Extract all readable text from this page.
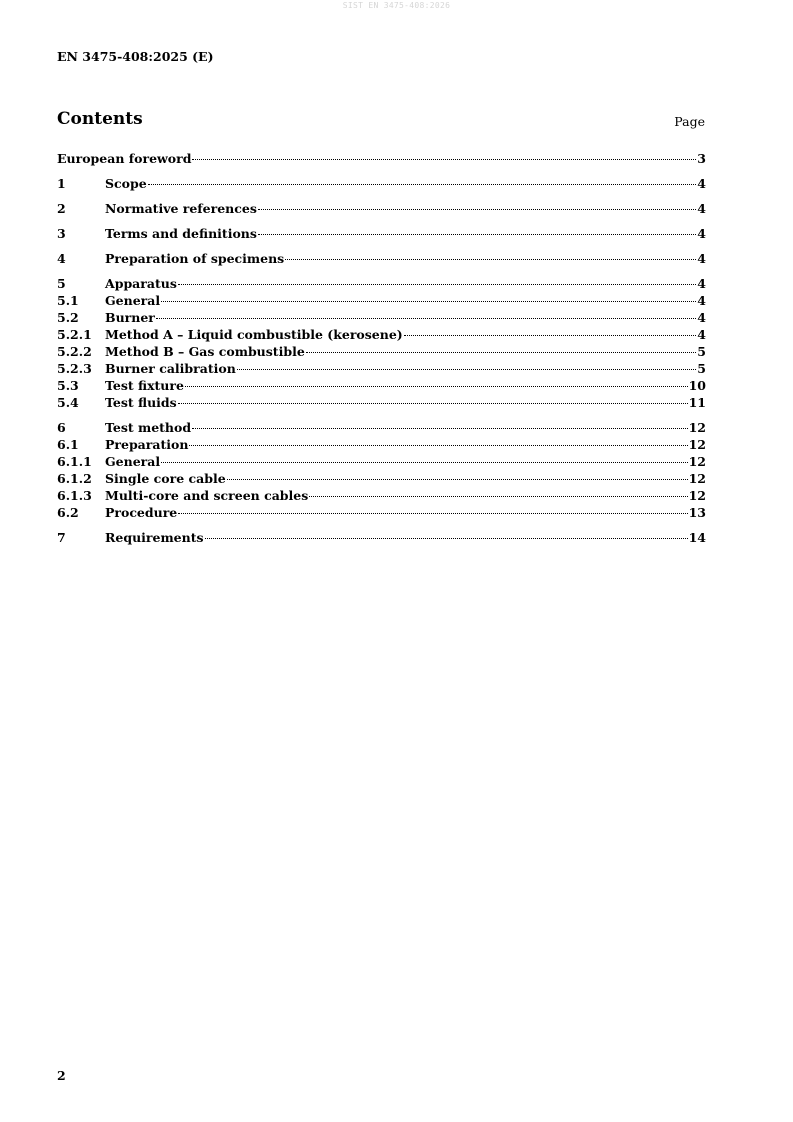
SIST EN 3475-408:2026
EN 3475-408:2025 (E)
Contents	Page
European foreword	3
1	Scope	4
2	Normative references	4
3	Terms and definitions	4
4	Preparation of specimens	4
5	Apparatus	4
5.1	General	4
5.2	Burner	4
5.2.1	Method A – Liquid combustible (kerosene)	4
5.2.2	Method B – Gas combustible	5
5.2.3	Burner calibration	5
5.3	Test fixture	10
5.4	Test fluids	11
6	Test method	12
6.1	Preparation	12
6.1.1	General	12
6.1.2	Single core cable	12
6.1.3	Multi-core and screen cables	12
6.2	Procedure	13
7	Requirements	14
2
